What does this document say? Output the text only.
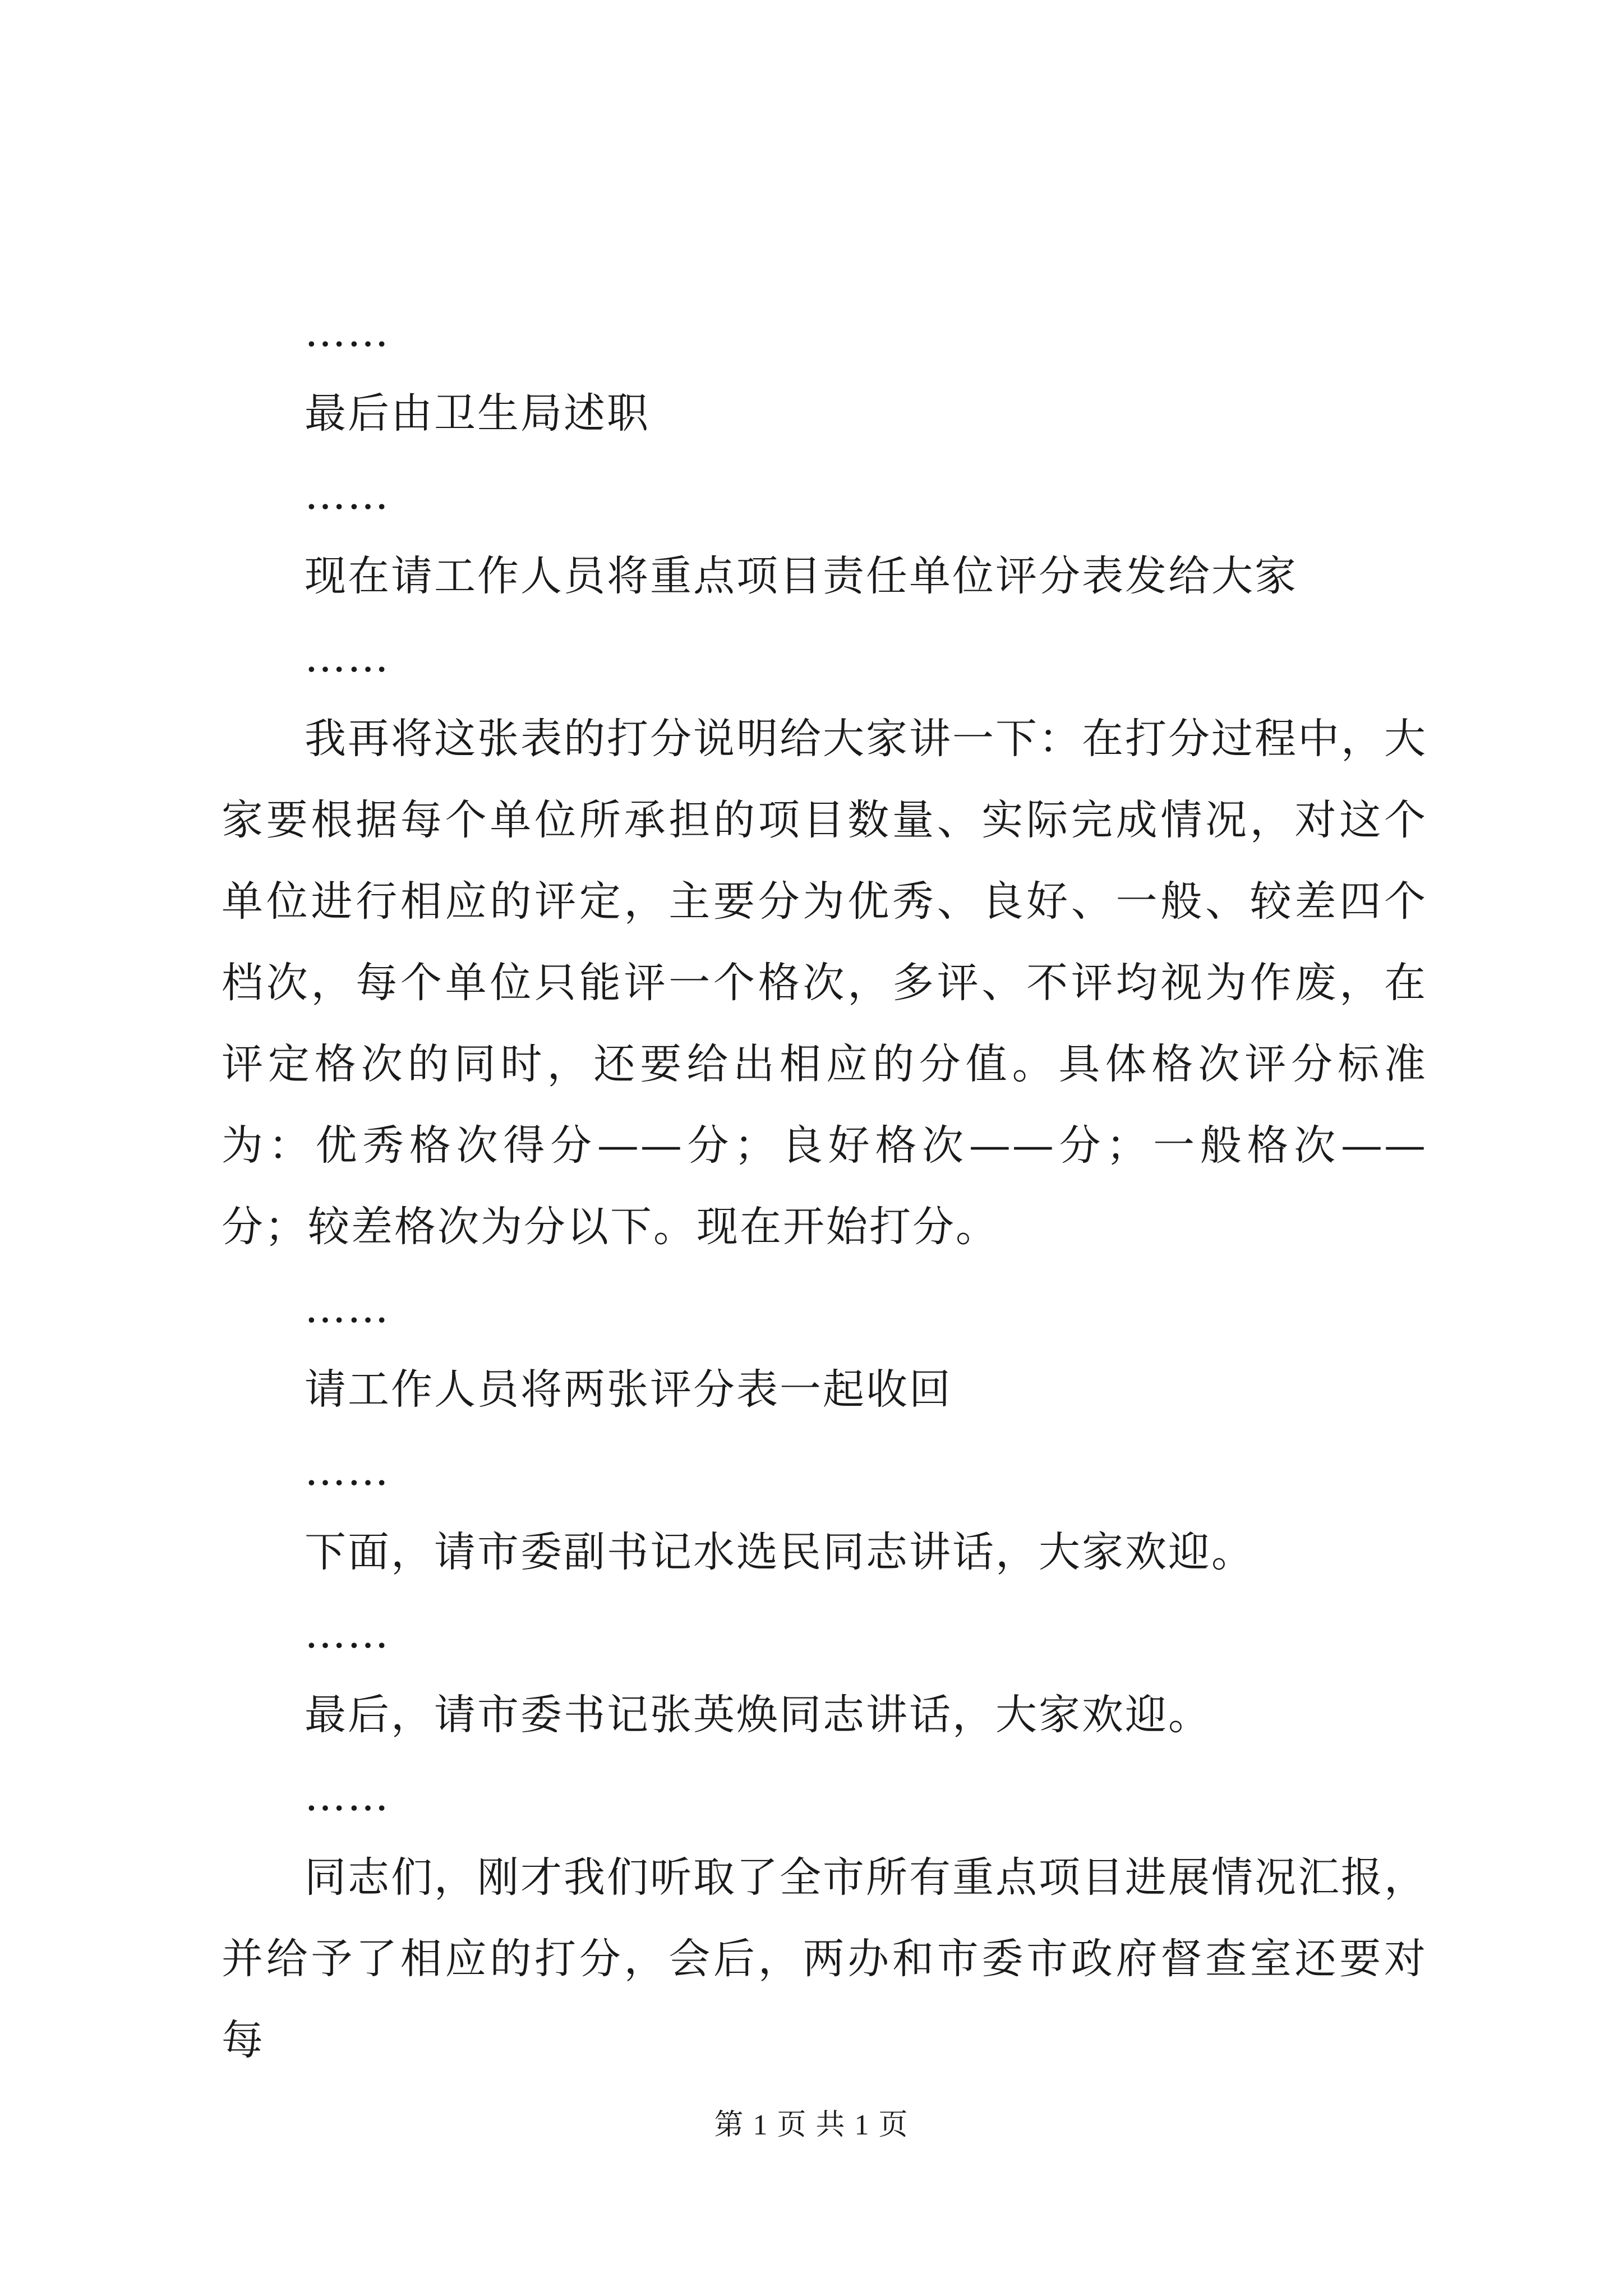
……
最后由卫生局述职
……
现在请工作人员将重点项目责任单位评分表发给大家
……

我再将这张表的打分说明给大家讲一下：在打分过程中，大家要根据每个单位所承担的项目数量、实际完成情况，对这个单位进行相应的评定，主要分为优秀、良好、一般、较差四个档次，每个单位只能评一个格次，多评、不评均视为作废，在评定格次的同时，还要给出相应的分值。具体格次评分标准为：优秀格次得分——分；良好格次——分；一般格次——分；较差格次为分以下。现在开始打分。

……
请工作人员将两张评分表一起收回
……
下面，请市委副书记水选民同志讲话，大家欢迎。
……
最后，请市委书记张英焕同志讲话，大家欢迎。
……

同志们，刚才我们听取了全市所有重点项目进展情况汇报，并给予了相应的打分，会后，两办和市委市政府督查室还要对每

第 1 页 共 1 页
